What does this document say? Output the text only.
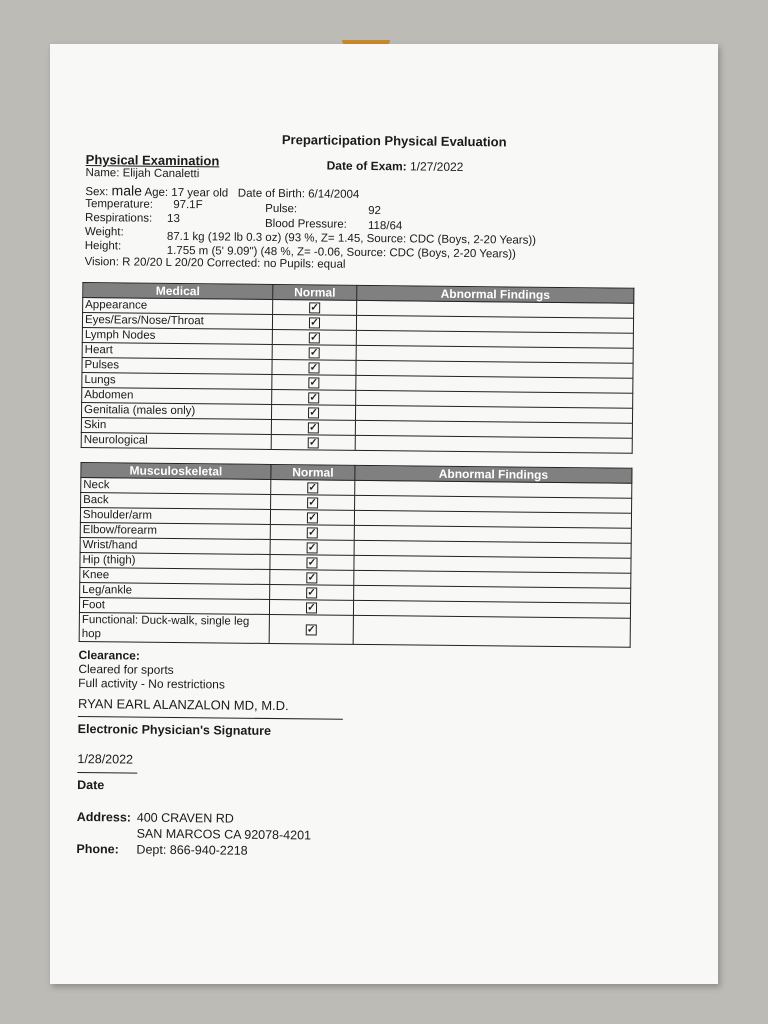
Preparticipation Physical Evaluation
Physical Examination	Date of Exam: 1/27/2022
Name: Elijah Canaletti
Sex: male Age: 17 year old Date of Birth: 6/14/2004
Temperature: 97.1F	Pulse:	92
Respirations: 13	Blood Pressure: 118/64
Weight:	87.1 kg (192 lb 0.3 oz) (93 %, Z= 1.45, Source: CDC (Boys, 2-20 Years))
Height:	1.755 m (5' 9.09") (48 %, Z= -0.06, Source: CDC (Boys, 2-20 Years))
Vision: R 20/20 L 20/20 Corrected: no Pupils: equal
Medical	Normal	Abnormal Findings
Appearance	✓	
Eyes/Ears/Nose/Throat	✓	
Lymph Nodes	✓	
Heart	✓	
Pulses	✓	
Lungs	✓	
Abdomen	✓	
Genitalia (males only)	✓	
Skin	✓	
Neurological	✓	
Musculoskeletal	Normal	Abnormal Findings
Neck	✓	
Back	✓	
Shoulder/arm	✓	
Elbow/forearm	✓	
Wrist/hand	✓	
Hip (thigh)	✓	
Knee	✓	
Leg/ankle	✓	
Foot	✓	
Functional: Duck-walk, single leg hop	✓	
Clearance:
Cleared for sports
Full activity - No restrictions
RYAN EARL ALANZALON MD, M.D.
Electronic Physician's Signature
1/28/2022
Date
Address: 400 CRAVEN RD
SAN MARCOS CA 92078-4201
Phone: Dept: 866-940-2218
